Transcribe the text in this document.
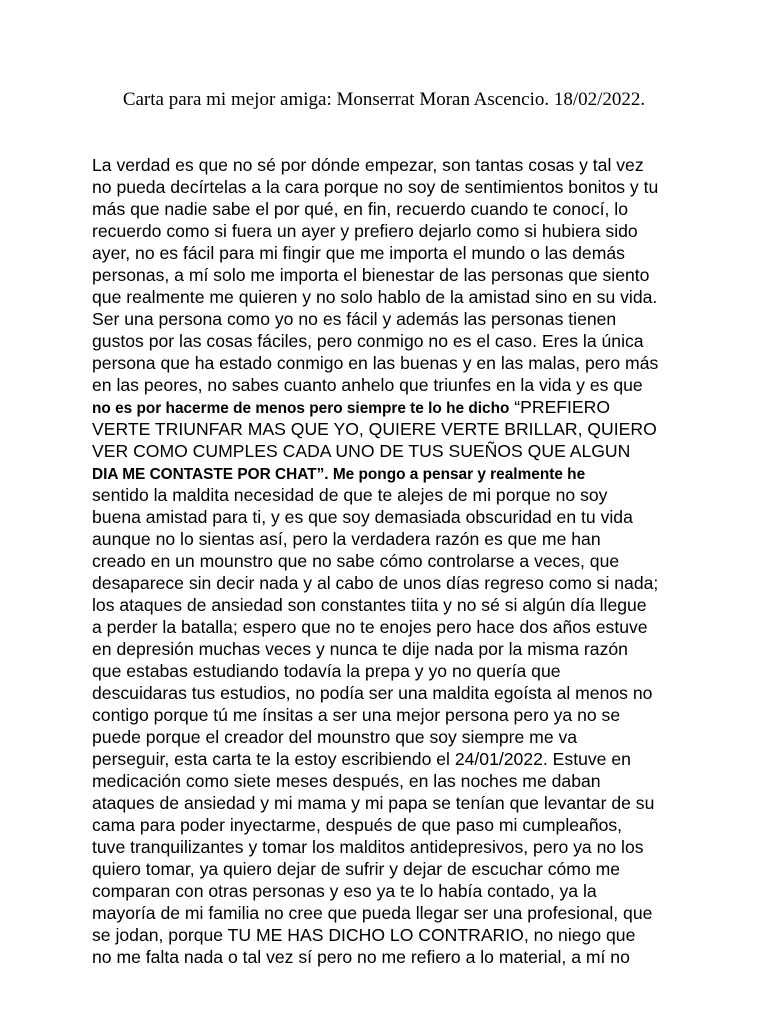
Carta para mi mejor amiga: Monserrat Moran Ascencio. 18/02/2022.
La verdad es que no sé por dónde empezar, son tantas cosas y tal vez
no pueda decírtelas a la cara porque no soy de sentimientos bonitos y tu
más que nadie sabe el por qué, en fin, recuerdo cuando te conocí, lo
recuerdo como si fuera un ayer y prefiero dejarlo como si hubiera sido
ayer, no es fácil para mi fingir que me importa el mundo o las demás
personas, a mí solo me importa el bienestar de las personas que siento
que realmente me quieren y no solo hablo de la amistad sino en su vida.
Ser una persona como yo no es fácil y además las personas tienen
gustos por las cosas fáciles, pero conmigo no es el caso. Eres la única
persona que ha estado conmigo en las buenas y en las malas, pero más
en las peores, no sabes cuanto anhelo que triunfes en la vida y es que
no es por hacerme de menos pero siempre te lo he dicho “PREFIERO
VERTE TRIUNFAR MAS QUE YO, QUIERE VERTE BRILLAR, QUIERO
VER COMO CUMPLES CADA UNO DE TUS SUEÑOS QUE ALGUN
DIA ME CONTASTE POR CHAT”. Me pongo a pensar y realmente he
sentido la maldita necesidad de que te alejes de mi porque no soy
buena amistad para ti, y es que soy demasiada obscuridad en tu vida
aunque no lo sientas así, pero la verdadera razón es que me han
creado en un mounstro que no sabe cómo controlarse a veces, que
desaparece sin decir nada y al cabo de unos días regreso como si nada;
los ataques de ansiedad son constantes tiita y no sé si algún día llegue
a perder la batalla; espero que no te enojes pero hace dos años estuve
en depresión muchas veces y nunca te dije nada por la misma razón
que estabas estudiando todavía la prepa y yo no quería que
descuidaras tus estudios, no podía ser una maldita egoísta al menos no
contigo porque tú me ínsitas a ser una mejor persona pero ya no se
puede porque el creador del mounstro que soy siempre me va
perseguir, esta carta te la estoy escribiendo el 24/01/2022. Estuve en
medicación como siete meses después, en las noches me daban
ataques de ansiedad y mi mama y mi papa se tenían que levantar de su
cama para poder inyectarme, después de que paso mi cumpleaños,
tuve tranquilizantes y tomar los malditos antidepresivos, pero ya no los
quiero tomar, ya quiero dejar de sufrir y dejar de escuchar cómo me
comparan con otras personas y eso ya te lo había contado, ya la
mayoría de mi familia no cree que pueda llegar ser una profesional, que
se jodan, porque TU ME HAS DICHO LO CONTRARIO, no niego que
no me falta nada o tal vez sí pero no me refiero a lo material, a mí no
